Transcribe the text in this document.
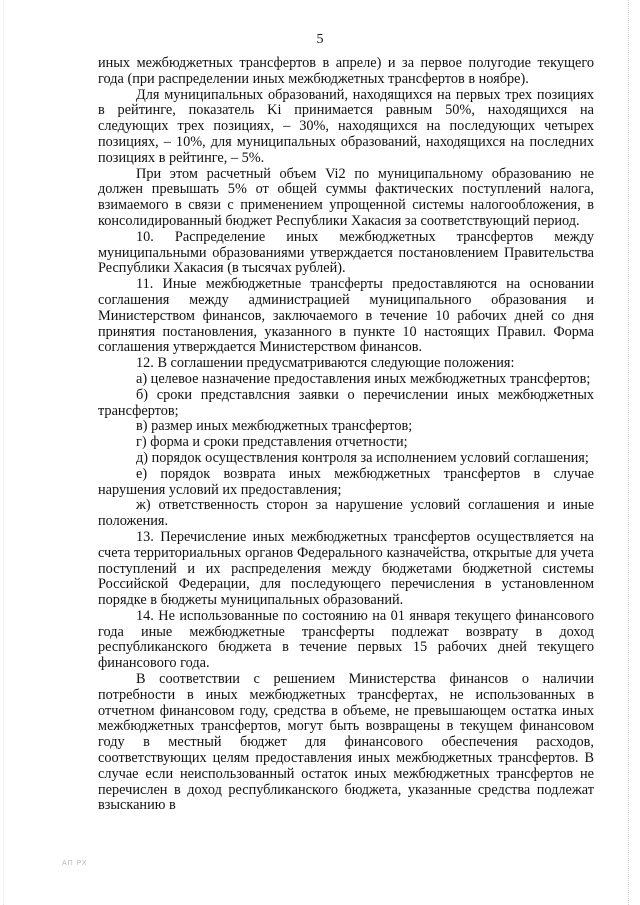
5

иных межбюджетных трансфертов в апреле) и за первое полугодие текущего года (при распределении иных межбюджетных трансфертов в ноябре).

Для муниципальных образований, находящихся на первых трех позициях в рейтинге, показатель Ki принимается равным 50%, находящихся на следующих трех позициях, – 30%, находящихся на последующих четырех позициях, – 10%, для муниципальных образований, находящихся на последних позициях в рейтинге, – 5%.

При этом расчетный объем Vi2 по муниципальному образованию не должен превышать 5% от общей суммы фактических поступлений налога, взимаемого в связи с применением упрощенной системы налогообложения, в консолидированный бюджет Республики Хакасия за соответствующий период.

10. Распределение иных межбюджетных трансфертов между муниципальными образованиями утверждается постановлением Правительства Республики Хакасия (в тысячах рублей).

11. Иные межбюджетные трансферты предоставляются на основании соглашения между администрацией муниципального образования и Министерством финансов, заключаемого в течение 10 рабочих дней со дня принятия постановления, указанного в пункте 10 настоящих Правил. Форма соглашения утверждается Министерством финансов.

12. В соглашении предусматриваются следующие положения:

а) целевое назначение предоставления иных межбюджетных трансфертов;

б) сроки представлсния заявки о перечислении иных межбюджетных трансфертов;

в) размер иных межбюджетных трансфертов;

г) форма и сроки представления отчетности;

д) порядок осуществления контроля за исполнением условий соглашения;

е) порядок возврата иных межбюджетных трансфертов в случае нарушения условий их предоставления;

ж) ответственность сторон за нарушение условий соглашения и иные положения.

13. Перечисление иных межбюджетных трансфертов осуществляется на счета территориальных органов Федерального казначейства, открытые для учета поступлений и их распределения между бюджетами бюджетной системы Российской Федерации, для последующего перечисления в установленном порядке в бюджеты муниципальных образований.

14. Не использованные по состоянию на 01 января текущего финансового года иные межбюджетные трансферты подлежат возврату в доход республиканского бюджета в течение первых 15 рабочих дней текущего финансового года.

В соответствии с решением Министерства финансов о наличии потребности в иных межбюджетных трансфертах, не использованных в отчетном финансовом году, средства в объеме, не превышающем остатка иных межбюджетных трансфертов, могут быть возвращены в текущем финансовом году в местный бюджет для финансового обеспечения расходов, соответствующих целям предоставления иных межбюджетных трансфертов. В случае если неиспользованный остаток иных межбюджетных трансфертов не перечислен в доход республиканского бюджета, указанные средства подлежат взысканию в

АП РХ
